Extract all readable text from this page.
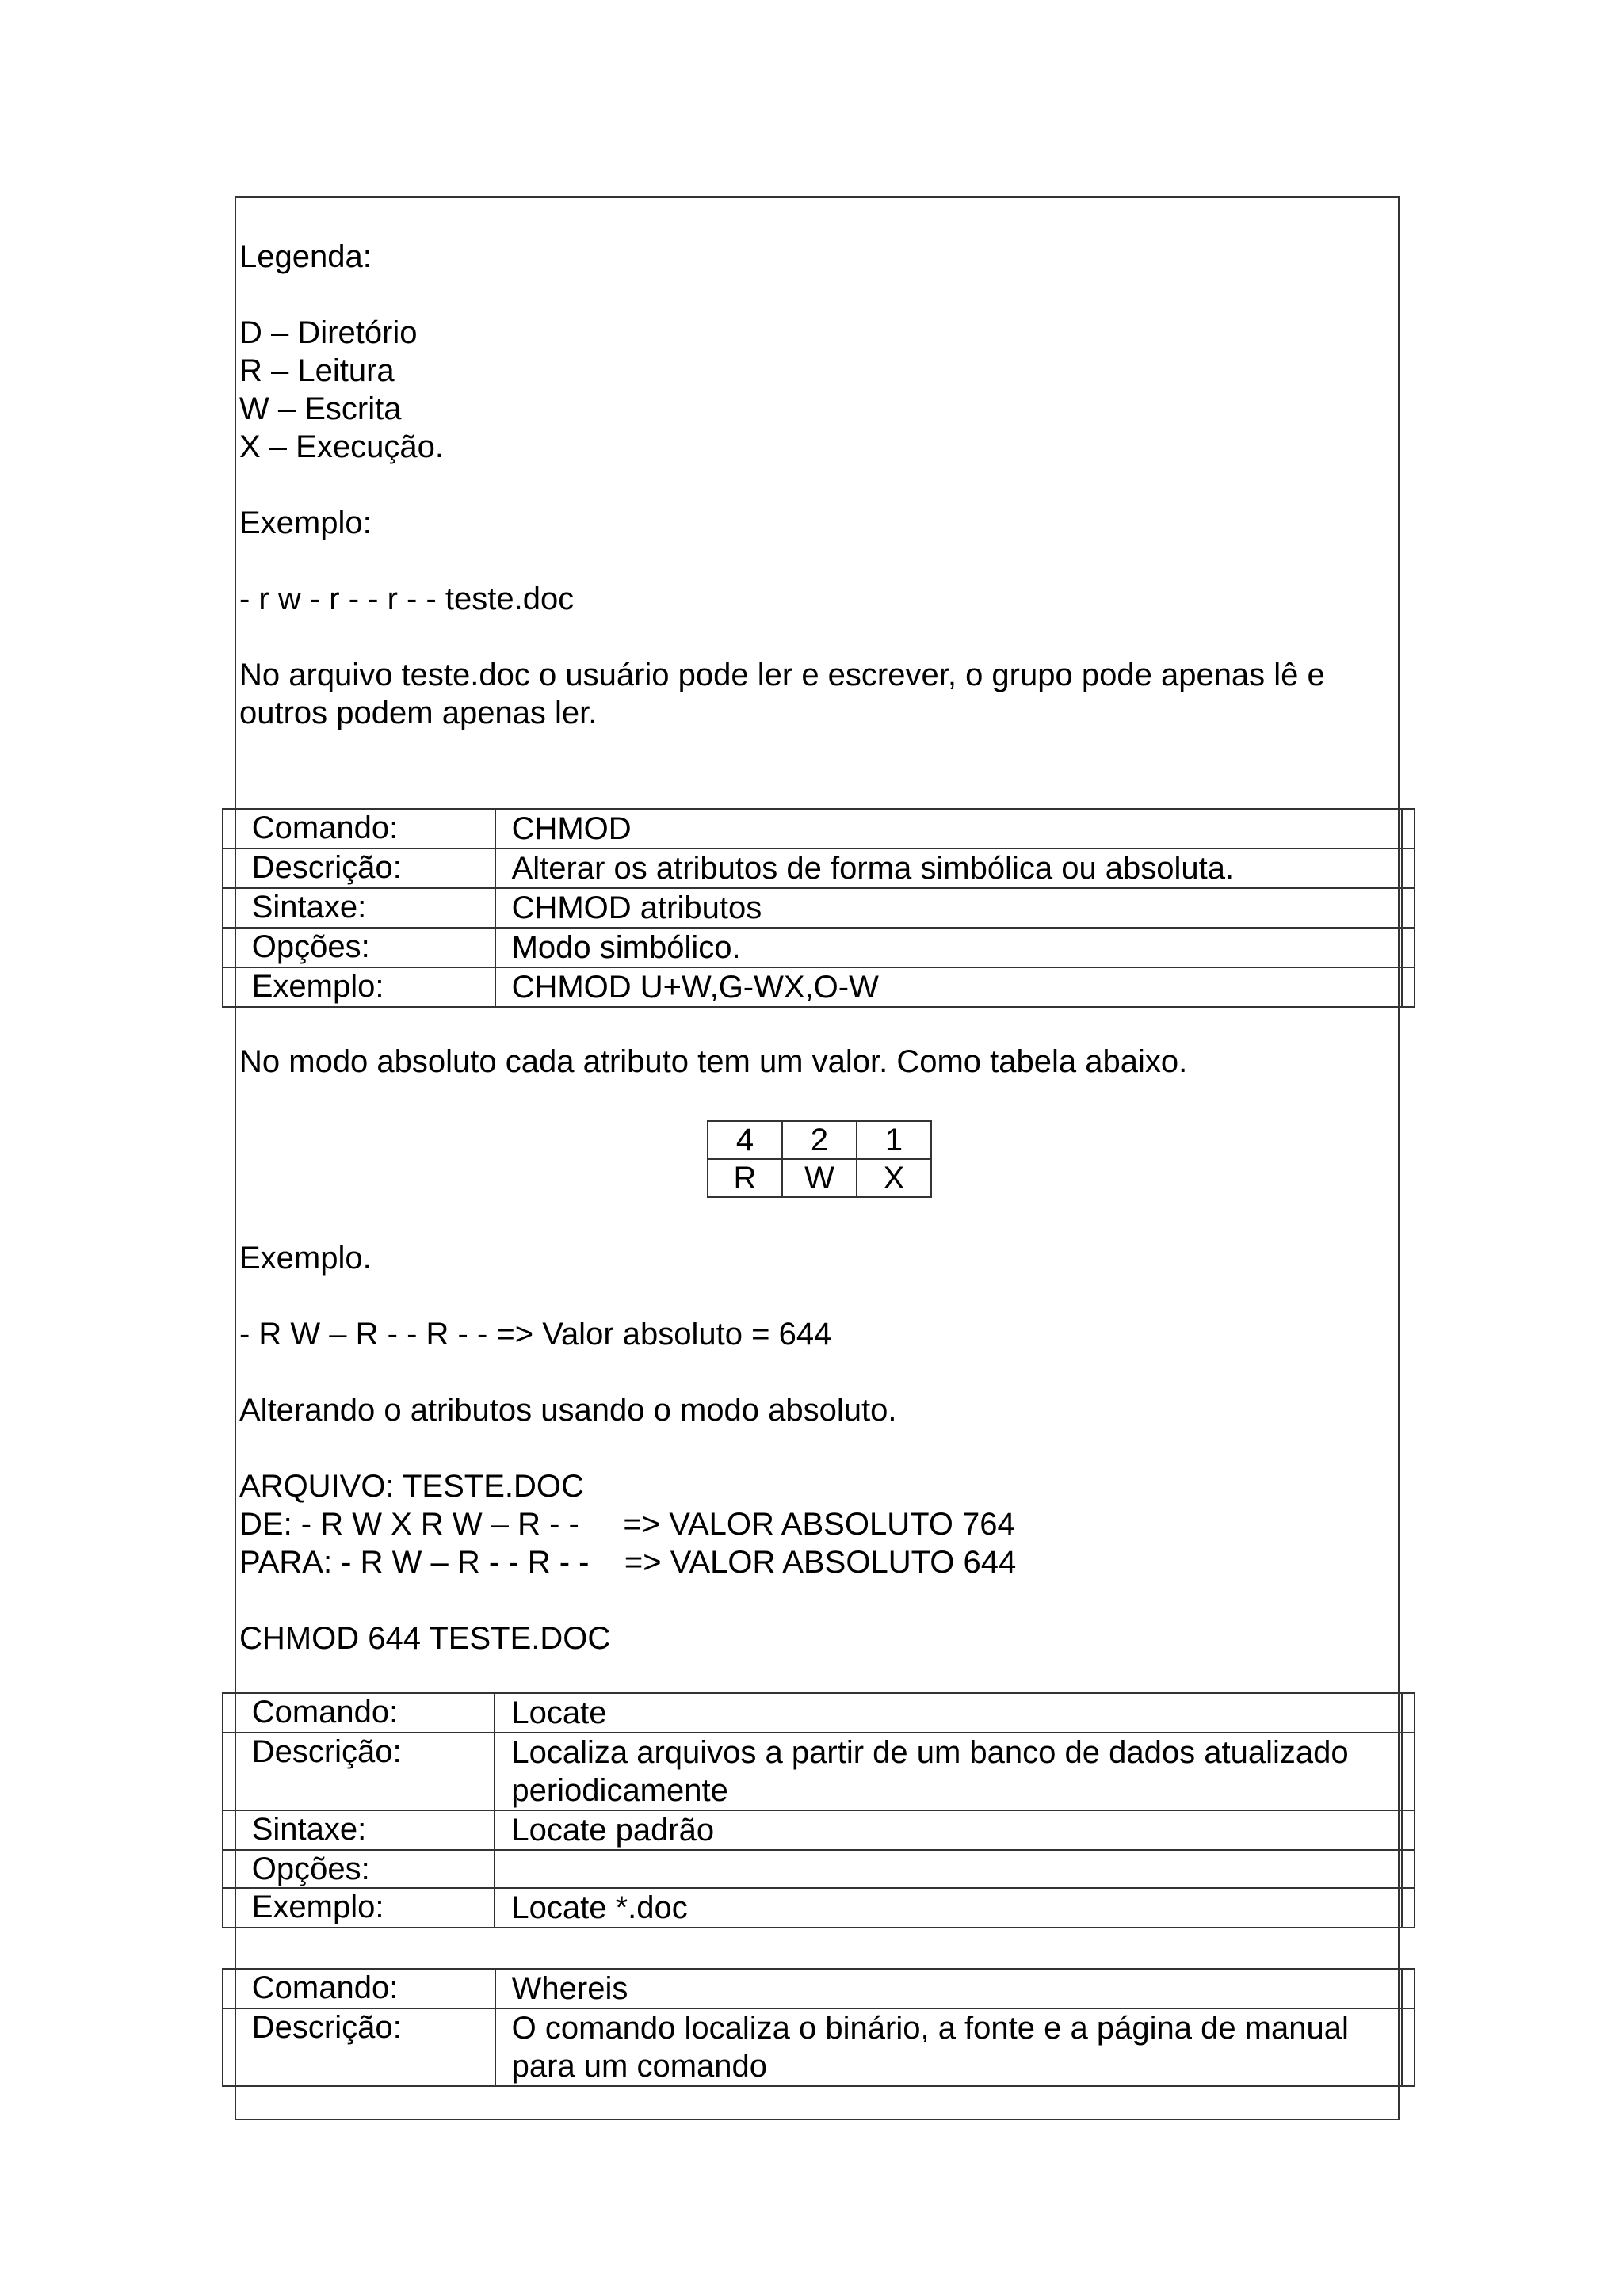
Legenda:
D – Diretório
R – Leitura
W – Escrita
X – Execução.
Exemplo:
- r w - r - - r - - teste.doc
No arquivo teste.doc o usuário pode ler e escrever, o grupo pode apenas lê e outros podem apenas ler.
	Comando:	CHMOD	
	Descrição:	Alterar os atributos de forma simbólica ou absoluta.	
	Sintaxe:	CHMOD atributos	
	Opções:	Modo simbólico.	
	Exemplo:	CHMOD U+W,G-WX,O-W	
No modo absoluto cada atributo tem um valor. Como tabela abaixo.
4	2	1
R	W	X
Exemplo.
- R W – R - - R - - => Valor absoluto = 644
Alterando o atributos usando o modo absoluto.
ARQUIVO: TESTE.DOC
DE: - R W X R W – R - -     => VALOR ABSOLUTO 764
PARA: - R W – R - - R - -    => VALOR ABSOLUTO 644
CHMOD 644 TESTE.DOC
	Comando:	Locate	
	Descrição:	Localiza arquivos a partir de um banco de dados atualizado periodicamente	
	Sintaxe:	Locate padrão	
	Opções:		
	Exemplo:	Locate *.doc	
	Comando:	Whereis	
	Descrição:	O comando localiza o binário, a fonte e a página de manual para um comando	
